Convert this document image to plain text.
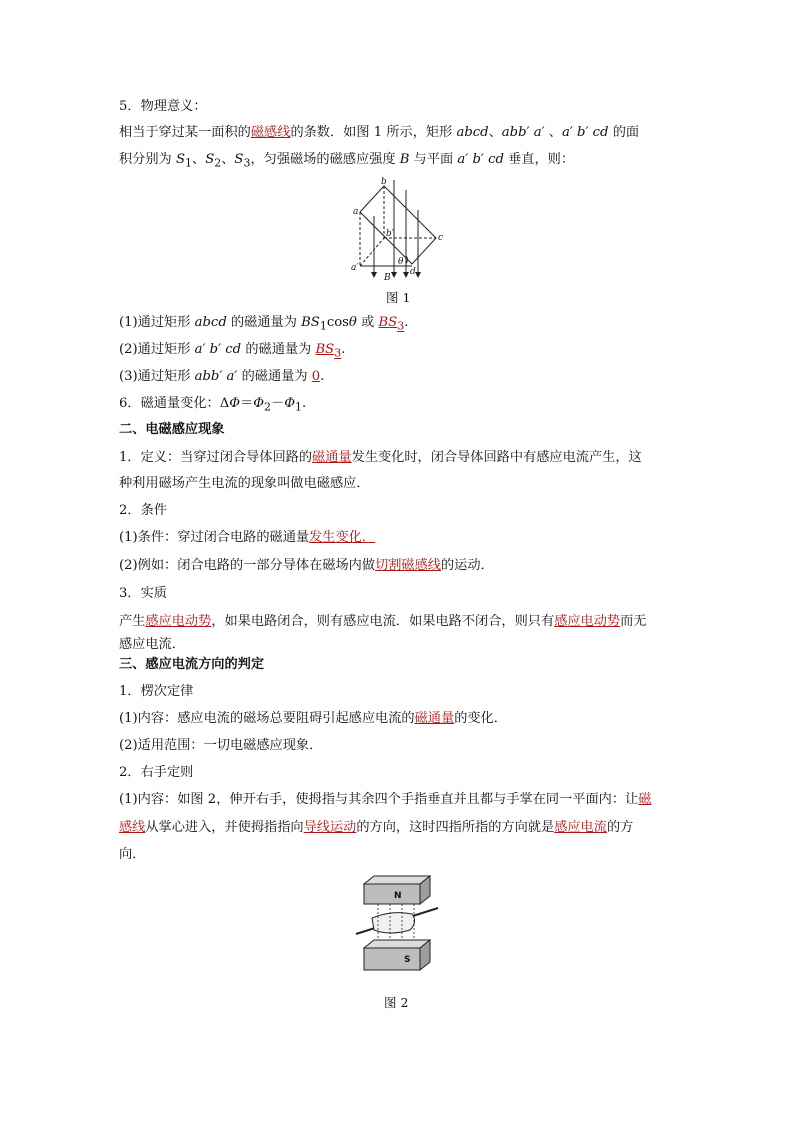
5．物理意义：
相当于穿过某一面积的磁感线的条数．如图 1 所示，矩形 abcd、abb′ a′ 、a′ b′ cd 的面
积分别为 $S_1$、$S_2$、$S_3$，匀强磁场的磁感应强度 B 与平面 a′ b′ cd 垂直，则：
a
b
b′	c
a′	d
B
θ
图 1
(1)通过矩形 abcd 的磁通量为 $BS_1\cos\theta$ 或 $BS_3$.
(2)通过矩形 a′ b′ cd 的磁通量为 $BS_3$.
(3)通过矩形 abb′ a′ 的磁通量为 0.
6．磁通量变化：$\Delta\Phi=\Phi_2-\Phi_1$.
二、电磁感应现象
1．定义：当穿过闭合导体回路的磁通量发生变化时，闭合导体回路中有感应电流产生，这
种利用磁场产生电流的现象叫做电磁感应．
2．条件
(1)条件：穿过闭合电路的磁通量发生变化．
(2)例如：闭合电路的一部分导体在磁场内做切割磁感线的运动．
3．实质
产生感应电动势，如果电路闭合，则有感应电流．如果电路不闭合，则只有感应电动势而无
感应电流．
三、感应电流方向的判定
1．楞次定律
(1)内容：感应电流的磁场总要阻碍引起感应电流的磁通量的变化．
(2)适用范围：一切电磁感应现象．
2．右手定则
(1)内容：如图 2，伸开右手，使拇指与其余四个手指垂直并且都与手掌在同一平面内：让磁
感线从掌心进入，并使拇指指向导线运动的方向，这时四指所指的方向就是感应电流的方
向．
N
S
图 2
